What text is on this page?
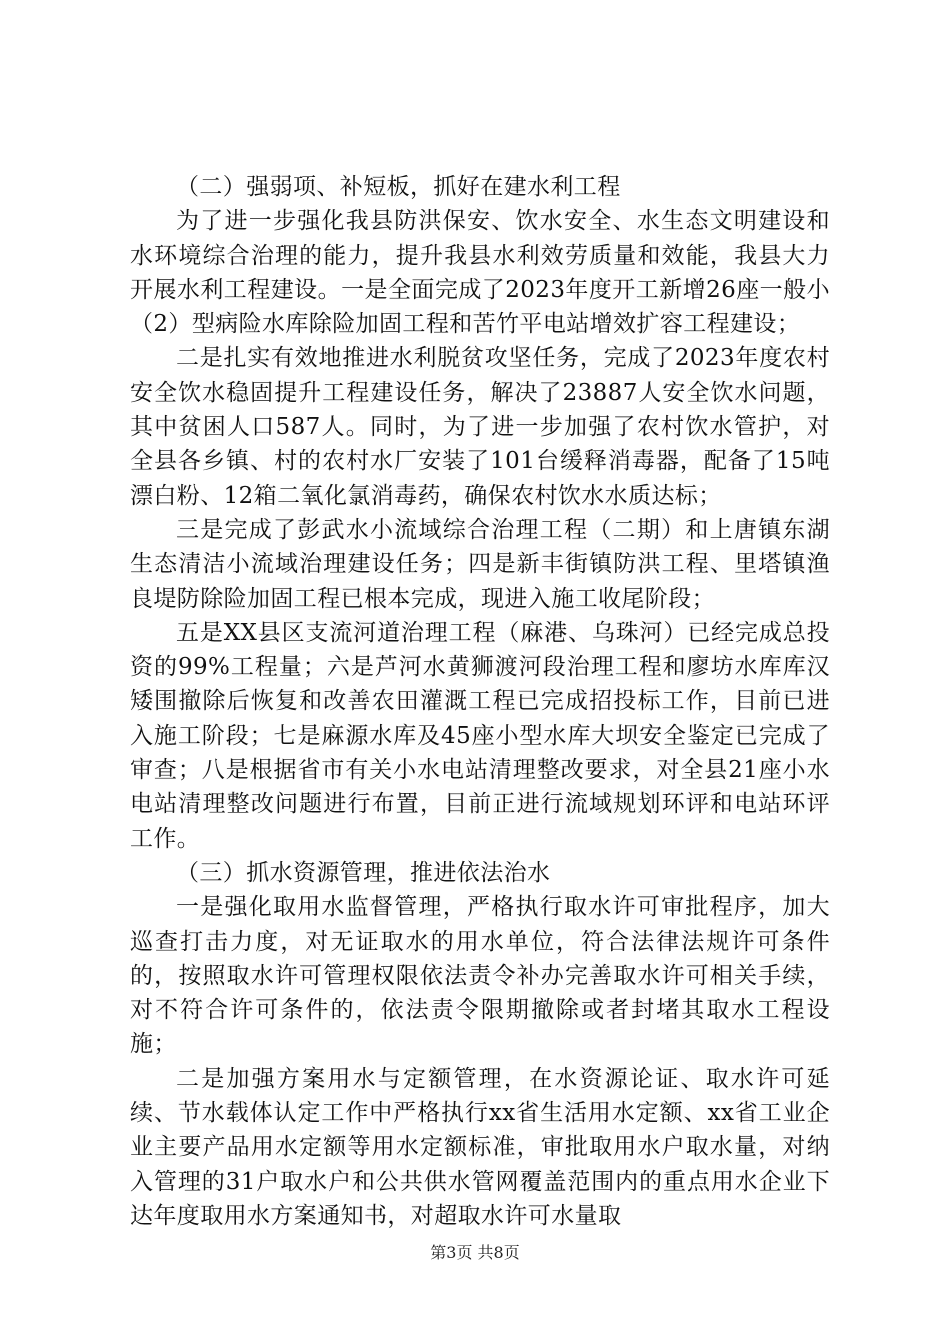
（二）强弱项、补短板，抓好在建水利工程

为了进一步强化我县防洪保安、饮水安全、水生态文明建设和水环境综合治理的能力，提升我县水利效劳质量和效能，我县大力开展水利工程建设。一是全面完成了2023年度开工新增26座一般小（2）型病险水库除险加固工程和苦竹平电站增效扩容工程建设；

二是扎实有效地推进水利脱贫攻坚任务，完成了2023年度农村安全饮水稳固提升工程建设任务，解决了23887人安全饮水问题，其中贫困人口587人。同时，为了进一步加强了农村饮水管护，对全县各乡镇、村的农村水厂安装了101台缓释消毒器，配备了15吨漂白粉、12箱二氧化氯消毒药，确保农村饮水水质达标；

三是完成了彭武水小流域综合治理工程（二期）和上唐镇东湖生态清洁小流域治理建设任务；四是新丰街镇防洪工程、里塔镇渔良堤防除险加固工程已根本完成，现进入施工收尾阶段；

五是XX县区支流河道治理工程（麻港、乌珠河）已经完成总投资的99%工程量；六是芦河水黄狮渡河段治理工程和廖坊水库库汉矮围撤除后恢复和改善农田灌溉工程已完成招投标工作，目前已进入施工阶段；七是麻源水库及45座小型水库大坝安全鉴定已完成了审查；八是根据省市有关小水电站清理整改要求，对全县21座小水电站清理整改问题进行布置，目前正进行流域规划环评和电站环评工作。

（三）抓水资源管理，推进依法治水

一是强化取用水监督管理，严格执行取水许可审批程序，加大巡查打击力度，对无证取水的用水单位，符合法律法规许可条件的，按照取水许可管理权限依法责令补办完善取水许可相关手续，对不符合许可条件的，依法责令限期撤除或者封堵其取水工程设施；

二是加强方案用水与定额管理，在水资源论证、取水许可延续、节水载体认定工作中严格执行xx省生活用水定额、xx省工业企业主要产品用水定额等用水定额标准，审批取用水户取水量，对纳入管理的31户取水户和公共供水管网覆盖范围内的重点用水企业下达年度取用水方案通知书，对超取水许可水量取

第3页 共8页
